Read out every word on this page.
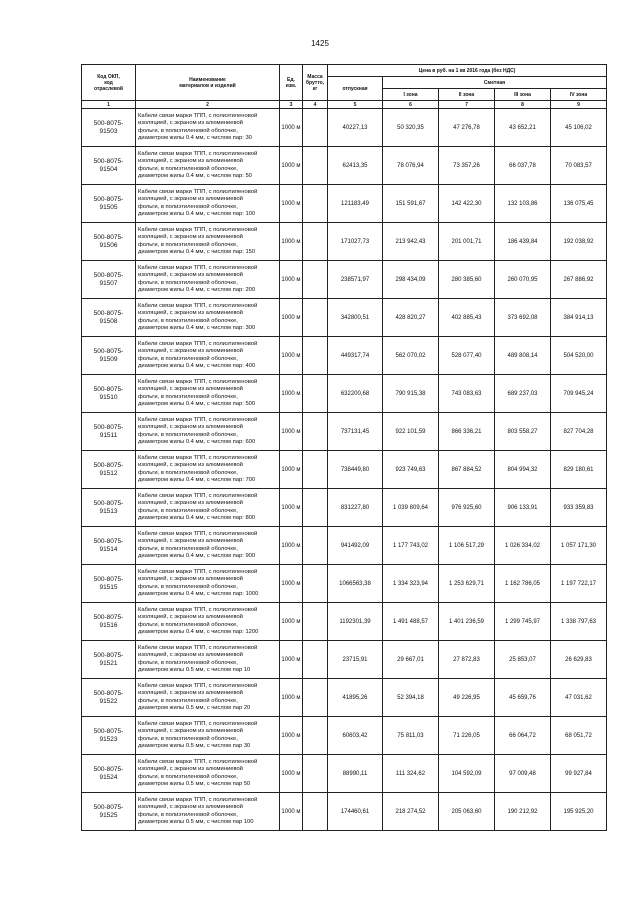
1425
Код ОКП,
код
отраслевой	Наименование
материалов и изделий	Ед.
изм.	Масса
брутто,
кг	Цена в руб. на 1 кв 2016 года (без НДС)				
				отпускная	Сметная			
					I зона	II зона	III зона	IV зона
1	2	3	4	5	6	7	8	9
500-8075-
91503	Кабели связи марки ТПП, с полиэтиленовой
изоляцией, с экраном из алюминиевой
фольги, в полиэтиленовой оболочке,
диаметром жилы 0.4 мм, с числом пар: 30	1000 м		40227,13	50 320,35	47 276,78	43 652,21	45 106,02
500-8075-
91504	Кабели связи марки ТПП, с полиэтиленовой
изоляцией, с экраном из алюминиевой
фольги, в полиэтиленовой оболочке,
диаметром жилы 0.4 мм, с числом пар: 50	1000 м		62413,35	78 076,94	73 357,26	66 037,78	70 083,57
500-8075-
91505	Кабели связи марки ТПП, с полиэтиленовой
изоляцией, с экраном из алюминиевой
фольги, в полиэтиленовой оболочке,
диаметром жилы 0.4 мм, с числом пар: 100	1000 м		121183,49	151 591,67	142 422,30	132 103,86	136 075,45
500-8075-
91506	Кабели связи марки ТПП, с полиэтиленовой
изоляцией, с экраном из алюминиевой
фольги, в полиэтиленовой оболочке,
диаметром жилы 0.4 мм, с числом пар: 150	1000 м		171027,73	213 942,43	201 001,71	186 439,84	192 038,92
500-8075-
91507	Кабели связи марки ТПП, с полиэтиленовой
изоляцией, с экраном из алюминиевой
фольги, в полиэтиленовой оболочке,
диаметром жилы 0.4 мм, с числом пар: 200	1000 м		238571,97	298 434,09	280 385,60	260 070,95	267 886,92
500-8075-
91508	Кабели связи марки ТПП, с полиэтиленовой
изоляцией, с экраном из алюминиевой
фольги, в полиэтиленовой оболочке,
диаметром жилы 0.4 мм, с числом пар: 300	1000 м		342800,51	428 820,27	402 885,43	373 692,08	384 914,13
500-8075-
91509	Кабели связи марки ТПП, с полиэтиленовой
изоляцией, с экраном из алюминиевой
фольги, в полиэтиленовой оболочке,
диаметром жилы 0.4 мм, с числом пар: 400	1000 м		449317,74	562 070,02	528 077,40	489 808,14	504 520,00
500-8075-
91510	Кабели связи марки ТПП, с полиэтиленовой
изоляцией, с экраном из алюминиевой
фольги, в полиэтиленовой оболочке,
диаметром жилы 0.4 мм, с числом пар: 500	1000 м		632200,68	790 915,38	743 083,63	689 237,03	709 945,24
500-8075-
91511	Кабели связи марки ТПП, с полиэтиленовой
изоляцией, с экраном из алюминиевой
фольги, в полиэтиленовой оболочке,
диаметром жилы 0.4 мм, с числом пар: 600	1000 м		737131,45	922 101,59	866 336,21	803 558,27	827 704,28
500-8075-
91512	Кабели связи марки ТПП, с полиэтиленовой
изоляцией, с экраном из алюминиевой
фольги, в полиэтиленовой оболочке,
диаметром жилы 0.4 мм, с числом пар: 700	1000 м		738449,80	923 749,63	867 884,52	804 994,32	829 180,61
500-8075-
91513	Кабели связи марки ТПП, с полиэтиленовой
изоляцией, с экраном из алюминиевой
фольги, в полиэтиленовой оболочке,
диаметром жилы 0.4 мм, с числом пар: 800	1000 м		831227,80	1 039 809,64	976 925,60	906 133,91	933 359,83
500-8075-
91514	Кабели связи марки ТПП, с полиэтиленовой
изоляцией, с экраном из алюминиевой
фольги, в полиэтиленовой оболочке,
диаметром жилы 0.4 мм, с числом пар: 900	1000 м		941492,09	1 177 743,02	1 106 517,29	1 026 334,02	1 057 171,30
500-8075-
91515	Кабели связи марки ТПП, с полиэтиленовой
изоляцией, с экраном из алюминиевой
фольги, в полиэтиленовой оболочке,
диаметром жилы 0.4 мм, с числом пар: 1000	1000 м		1066563,38	1 334 323,94	1 253 629,71	1 162 786,05	1 197 722,17
500-8075-
91516	Кабели связи марки ТПП, с полиэтиленовой
изоляцией, с экраном из алюминиевой
фольги, в полиэтиленовой оболочке,
диаметром жилы 0.4 мм, с числом пар: 1200	1000 м		1192301,39	1 491 488,57	1 401 236,59	1 299 745,97	1 338 797,63
500-8075-
91521	Кабели связи марки ТПП, с полиэтиленовой
изоляцией, с экраном из алюминиевой
фольги, в полиэтиленовой оболочке,
диаметром жилы 0.5 мм, с числом пар 10	1000 м		23715,91	29 667,01	27 872,83	25 853,07	26 629,83
500-8075-
91522	Кабели связи марки ТПП, с полиэтиленовой
изоляцией, с экраном из алюминиевой
фольги, в полиэтиленовой оболочке,
диаметром жилы 0.5 мм, с числом пар 20	1000 м		41895,26	52 394,18	49 226,95	45 659,76	47 031,62
500-8075-
91523	Кабели связи марки ТПП, с полиэтиленовой
изоляцией, с экраном из алюминиевой
фольги, в полиэтиленовой оболочке,
диаметром жилы 0.5 мм, с числом пар 30	1000 м		60603,42	75 811,03	71 226,05	66 064,72	68 051,72
500-8075-
91524	Кабели связи марки ТПП, с полиэтиленовой
изоляцией, с экраном из алюминиевой
фольги, в полиэтиленовой оболочке,
диаметром жилы 0.5 мм, с числом пар 50	1000 м		88990,11	111 324,62	104 592,09	97 009,48	99 927,84
500-8075-
91525	Кабели связи марки ТПП, с полиэтиленовой
изоляцией, с экраном из алюминиевой
фольги, в полиэтиленовой оболочке,
диаметром жилы 0.5 мм, с числом пар 100	1000 м		174460,61	218 274,52	205 063,60	190 212,92	195 925,20
